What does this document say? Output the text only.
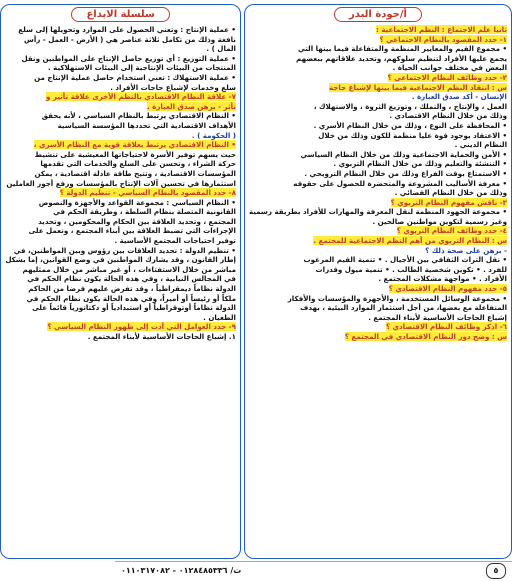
أ/جودة البدر
ثانيا علم الاجتماع : النظم الاجتماعية :
١- حدد المقصود بالنظام الاجتماعي ؟
• مجموع القيم والمعايير المنظمة والمتفاعلة فيما بينها التي
يجمع عليها الأفراد لتنظيم سلوكهم، وتحديد علاقاتهم ببعضهم
البعض في مختلف جوانب الحياة .
٢- حدد وظائف النظام الاجتماعي ؟
س : انتقاد النظم الاجتماعية فيما بينها لإشباع حاجة
الإنسان - أكد صدق العبارة .
العمل ، والإنتاج ، والتملك ، وتوزيع الثروة ، والاستهلاك ،
وذلك من خلال النظام الاقتصادي .
• المحافظة على النوع ، وذلك من خلال النظام الأسري .
• الاعتقاد بوجود قوة عليا منظمة للكون وذلك من خلال
النظام الديني .
• الأمن والحماية الاجتماعية وذلك من خلال النظام السياسي
• التنشئة والتعليم وذلك من خلال النظام التربوي .
• الاستمتاع بوقت الفراغ وذلك من خلال النظام الترويحي .
• معرفة الأساليب المشروعة والمتحضرة للحصول على حقوقه
وذلك من خلال النظام القضائي .
٣- ناقش مفهوم النظام التربوي ؟
• مجموعة الجهود المنظمة لنقل المعرفة والمهارات للأفراد بطريقة رسمية
وغير رسمية لتكوين مواطنين صالحين .
٤- حدد وظائف النظام التربوي ؟
س : النظام التربوي من أهم النظم الاجتماعية للمجتمع .
- برهن على صحة ذلك ؟
• نقل التراث الثقافي بين الأجيال . • تنمية القيم المرغوب
للفرد . • تكوين شخصية الطالب . • تنمية ميول وقدرات
الأفراد . • مواجهة مشكلات المجتمع .
٥- حدد مفهوم النظام الاقتصادي ؟
• مجموعة الوسائل المستخدمة ، والأجهزة والمؤسسات والأفكار
المتفاعلة مع بعضها، من أجل استثمار الموارد البيئية ، بهدف
إشباع الحاجات الأساسية لأبناء المجتمع .
٦- اذكر وظائف النظام الاقتصادي ؟
س : وضح دور النظام الاقتصادي في المجتمع ؟
سلسلة الابداع
• عملية الإنتاج : وتعني الحصول على الموارد وتحويلها إلى سلع
نافعة وذلك من تكامل ثلاثة عناصر هي ( الأرض - العمل - رأس
المال ) .
• عملية التوزيع : أي توزيع حاصل الإنتاج على المواطنين ونقل
المنتجات من البيئات الإنتاجية إلى البيئات الاستهلاكية .
• عملية الاستهلاك : تعني استخدام حاصل عملية الإنتاج من
سلع وخدمات لإشباع حاجات الأفراد .
٧- علاقة النظام الاقتصادي بالنظم الأخرى علاقة تأثير و
تأثر - برهن صدق العبارة .
• النظام الاقتصادي يرتبط بالنظام السياسي ، لأنه يحقق
الأهداف الاقتصادية التي تحددها المؤسسة السياسية
( الحكومة ) .
• النظام الاقتصادي يرتبط بعلاقة قوية مع النظام الأسري ،
حيث يسهم توفير الأسرة لاحتياجاتها المعيشية على تنشيط
حركة الشراء ، وتحسن على السلع والخدمات التي تقدمها
المؤسسات الاقتصادية ، وتتيح طاقة عادلة اقتصادية ، يمكن
استثمارها في تحسين آلات الإنتاج بالمؤسسات ورفع أجور العاملين
٨- حدد المقصود بالنظام السياسي - تنظيم الدولة ؟
• النظام السياسي : مجموعة القواعد والأجهزة والنصوص
القانونية المتصلة بنظام السلطة ، وطريقة الحكم في
المجتمع ، وتحديد العلاقة بين الحكام والمحكومين ، وتحديد
الإجراءات التي تضبط العلاقة بين أبناء المجتمع ، وتعمل على
توفير احتياجات المجتمع الأساسية .
• تنظيم الدولة : تحديد العلاقات بين رؤوس وبين المواطنين، في
إطار القانون ، وقد يشارك المواطنين في وضع القوانين، إما بشكل
مباشر من خلال الاستفتاءات ، أو غير مباشر من خلال ممثليهم
في المجالس النيابية ، وفي هذه الحالة يكون نظام الحكم في
الدولة نظاماً ديمقراطياً ، وقد تفرض عليهم قرضا من الحاكم
ملكاً أو رئيساً أو أميراً، وفي هذه الحالة يكون نظام الحكم في
الدولة نظاماً أوتوقراطياً أو استبدادياً أو دكتاتورياً قائماً على
الطغيان .
٩- حدد العوامل التي أدت إلى ظهور النظام السياسي ؟
١. إشباع الحاجات الأساسية لأبناء المجتمع .
٥
ت/ ٠١٢٨٤٨٥٣٣٦ - ٠١١٠٣١٧٠٨٢
